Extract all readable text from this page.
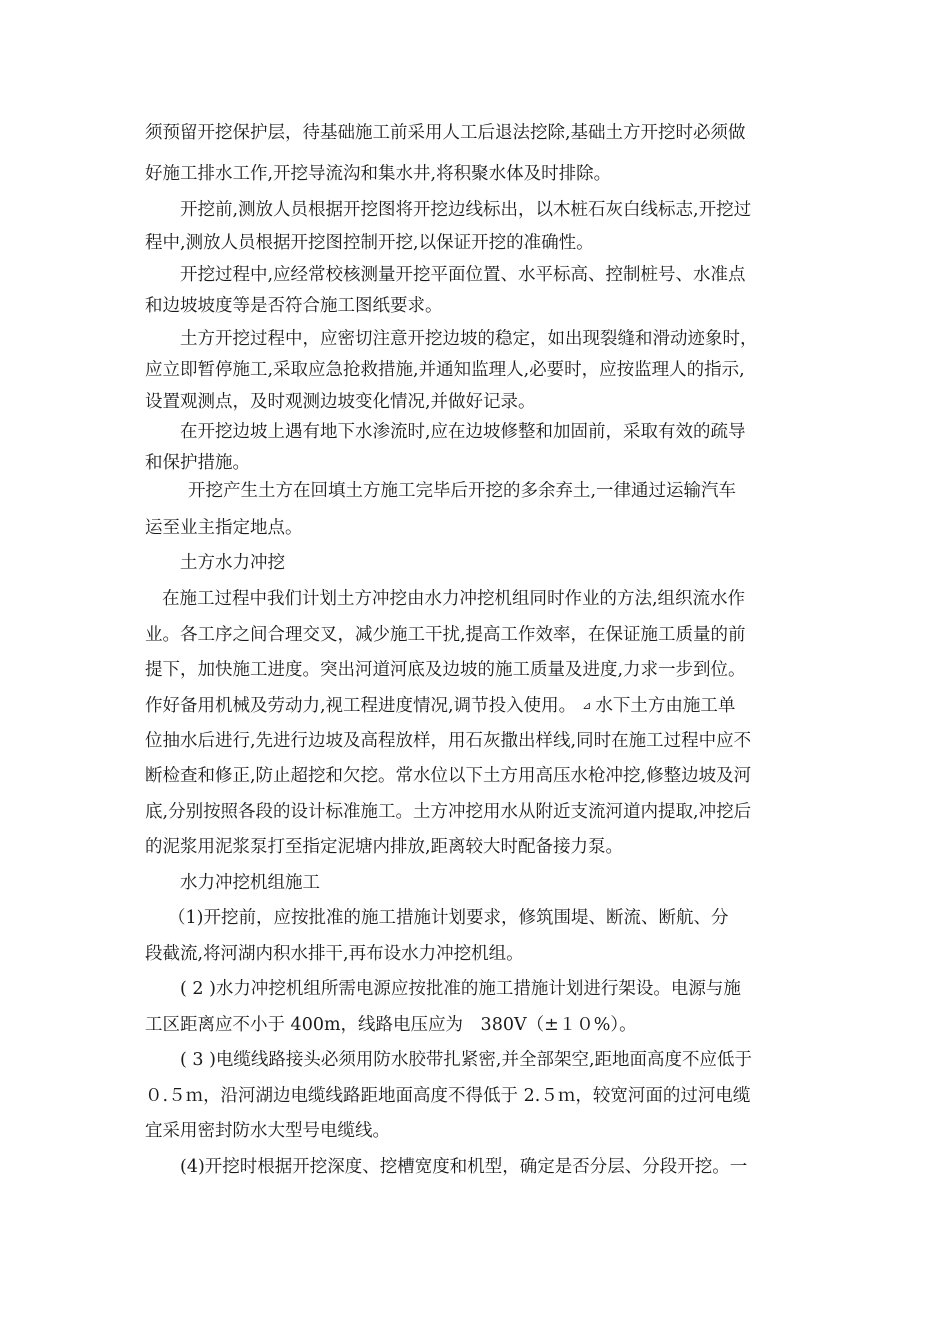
须预留开挖保护层，待基础施工前采用人工后退法挖除,基础土方开挖时必须做
好施工排水工作,开挖导流沟和集水井,将积聚水体及时排除。
开挖前,测放人员根据开挖图将开挖边线标出，以木桩石灰白线标志,开挖过
程中,测放人员根据开挖图控制开挖,以保证开挖的准确性。
开挖过程中,应经常校核测量开挖平面位置、水平标高、控制桩号、水准点
和边坡坡度等是否符合施工图纸要求。
土方开挖过程中，应密切注意开挖边坡的稳定，如出现裂缝和滑动迹象时，
应立即暂停施工,采取应急抢救措施,并通知监理人,必要时，应按监理人的指示,
设置观测点，及时观测边坡变化情况,并做好记录。
在开挖边坡上遇有地下水渗流时,应在边坡修整和加固前，采取有效的疏导
和保护措施。
开挖产生土方在回填土方施工完毕后开挖的多余弃土,一律通过运输汽车
运至业主指定地点。
土方水力冲挖
在施工过程中我们计划土方冲挖由水力冲挖机组同时作业的方法,组织流水作
业。各工序之间合理交叉，减少施工干扰,提高工作效率，在保证施工质量的前
提下，加快施工进度。突出河道河底及边坡的施工质量及进度,力求一步到位。
作好备用机械及劳动力,视工程进度情况,调节投入使用。 ⊿ 水下土方由施工单
位抽水后进行,先进行边坡及高程放样，用石灰撒出样线,同时在施工过程中应不
断检查和修正,防止超挖和欠挖。常水位以下土方用高压水枪冲挖,修整边坡及河
底,分别按照各段的设计标准施工。土方冲挖用水从附近支流河道内提取,冲挖后
的泥浆用泥浆泵打至指定泥塘内排放,距离较大时配备接力泵。
水力冲挖机组施工
（1)开挖前，应按批准的施工措施计划要求，修筑围堤、断流、断航、分
段截流,将河湖内积水排干,再布设水力冲挖机组。
( 2 )水力冲挖机组所需电源应按批准的施工措施计划进行架设。电源与施
工区距离应不小于 400m，线路电压应为　380V（±１０%）。
( 3 )电缆线路接头必须用防水胶带扎紧密,并全部架空,距地面高度不应低于
０.５ｍ，沿河湖边电缆线路距地面高度不得低于 2.５ｍ，较宽河面的过河电缆
宜采用密封防水大型号电缆线。
(4)开挖时根据开挖深度、挖槽宽度和机型，确定是否分层、分段开挖。一
